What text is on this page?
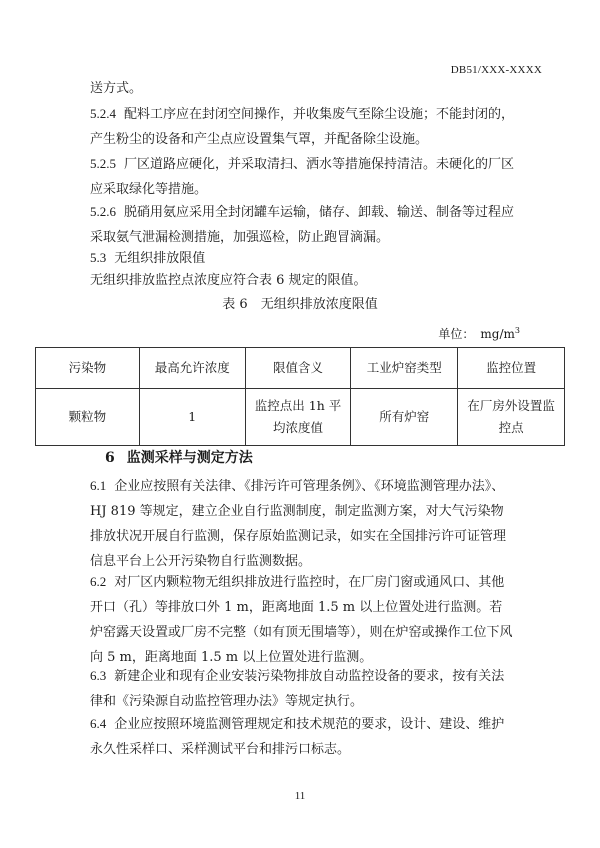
DB51/XXX-XXXX
送方式。
5.2.4 配料工序应在封闭空间操作，并收集废气至除尘设施；不能封闭的，产生粉尘的设备和产尘点应设置集气罩，并配备除尘设施。
5.2.5 厂区道路应硬化，并采取清扫、洒水等措施保持清洁。未硬化的厂区应采取绿化等措施。
5.2.6 脱硝用氨应采用全封闭罐车运输，储存、卸载、输送、制备等过程应采取氨气泄漏检测措施，加强巡检，防止跑冒滴漏。
5.3 无组织排放限值
无组织排放监控点浓度应符合表 6 规定的限值。
表 6　无组织排放浓度限值
单位：　$mg/m^3$
污染物	最高允许浓度	限值含义	工业炉窑类型	监控位置
颗粒物	1	监控点出 1h 平均浓度值	所有炉窑	在厂房外设置监控点
6 监测采样与测定方法
6.1 企业应按照有关法律、《排污许可管理条例》、《环境监测管理办法》、HJ 819 等规定，建立企业自行监测制度，制定监测方案，对大气污染物排放状况开展自行监测，保存原始监测记录，如实在全国排污许可证管理信息平台上公开污染物自行监测数据。
6.2 对厂区内颗粒物无组织排放进行监控时，在厂房门窗或通风口、其他开口（孔）等排放口外 1 m，距离地面 1.5 m 以上位置处进行监测。若炉窑露天设置或厂房不完整（如有顶无围墙等），则在炉窑或操作工位下风向 5 m，距离地面 1.5 m 以上位置处进行监测。
6.3 新建企业和现有企业安装污染物排放自动监控设备的要求，按有关法律和《污染源自动监控管理办法》等规定执行。
6.4 企业应按照环境监测管理规定和技术规范的要求，设计、建设、维护永久性采样口、采样测试平台和排污口标志。
11
